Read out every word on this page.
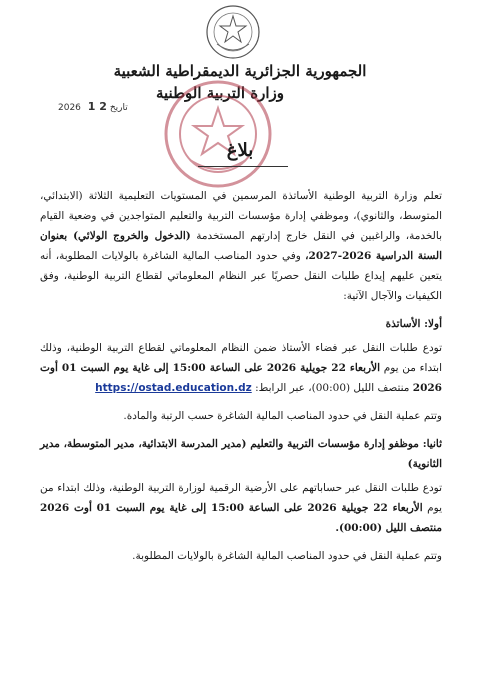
الجمهورية الجزائرية الديمقراطية الشعبية
وزارة التربية الوطنية
2026	تاريخ 2 1
بلاغ

تعلم وزارة التربية الوطنية الأساتذة المرسمين في المستويات التعليمية الثلاثة (الابتدائي، المتوسط، والثانوي)، وموظفي إدارة مؤسسات التربية والتعليم المتواجدين في وضعية القيام بالخدمة، والراغبين في النقل خارج إدارتهم المستخدمة (الدخول والخروج الولائي) بعنوان السنة الدراسية 2026-2027، وفي حدود المناصب المالية الشاغرة بالولايات المطلوبة، أنه يتعين عليهم إيداع طلبات النقل حصريًا عبر النظام المعلوماتي لقطاع التربية الوطنية، وفق الكيفيات والآجال الآتية:

أولا: الأساتذة

تودع طلبات النقل عبر فضاء الأستاذ ضمن النظام المعلوماتي لقطاع التربية الوطنية، وذلك ابتداء من يوم الأربعاء 22 جويلية 2026 على الساعة 15:00 إلى غاية يوم السبت 01 أوت 2026 منتصف الليل (00:00)، عبر الرابط: https://ostad.education.dz

وتتم عملية النقل في حدود المناصب المالية الشاغرة حسب الرتبة والمادة.

ثانيا: موظفو إدارة مؤسسات التربية والتعليم (مدير المدرسة الابتدائية، مدير المتوسطة، مدير الثانوية)

تودع طلبات النقل عبر حساباتهم على الأرضية الرقمية لوزارة التربية الوطنية، وذلك ابتداء من يوم الأربعاء 22 جويلية 2026 على الساعة 15:00 إلى غاية يوم السبت 01 أوت 2026 منتصف الليل (00:00).

وتتم عملية النقل في حدود المناصب المالية الشاغرة بالولايات المطلوبة.
